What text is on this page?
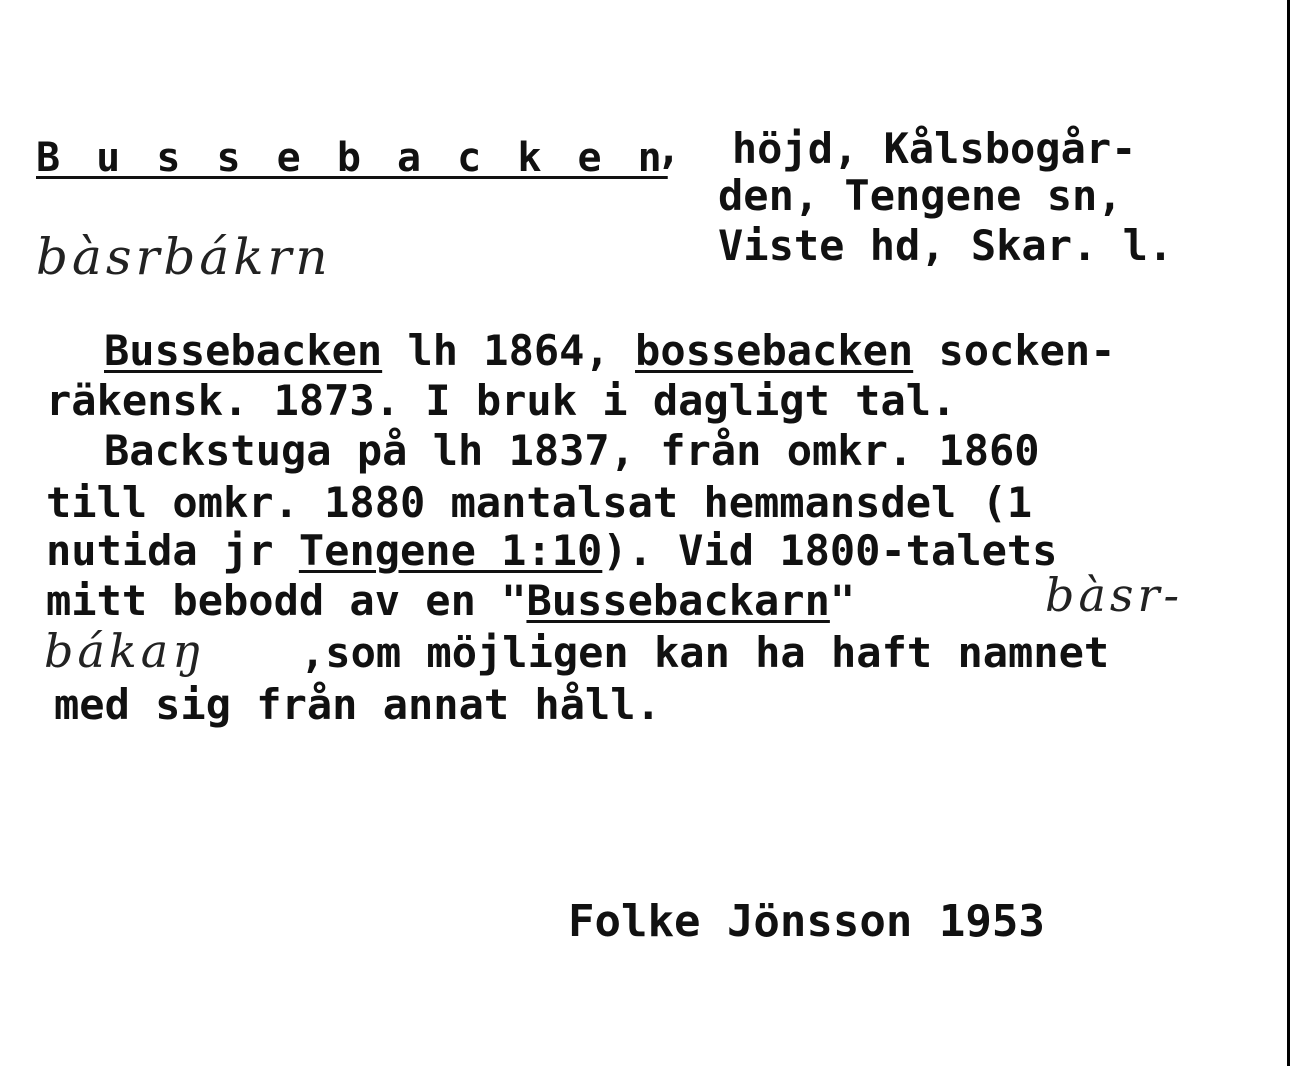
B u s s e b a c k e n
,  höjd, Kålsbogår-
den, Tengene sn,
Viste hd, Skar. l.
bàsrbákrn
Bussebacken lh 1864, bossebacken socken-
räkensk. 1873. I bruk i dagligt tal.
Backstuga på lh 1837, från omkr. 1860
till omkr. 1880 mantalsat hemmansdel (1
nutida jr Tengene 1:10). Vid 1800-talets
mitt bebodd av en "Bussebackarn"	bàsr-
bákaŋ ,som möjligen kan ha haft namnet
med sig från annat håll.
Folke Jönsson 1953
